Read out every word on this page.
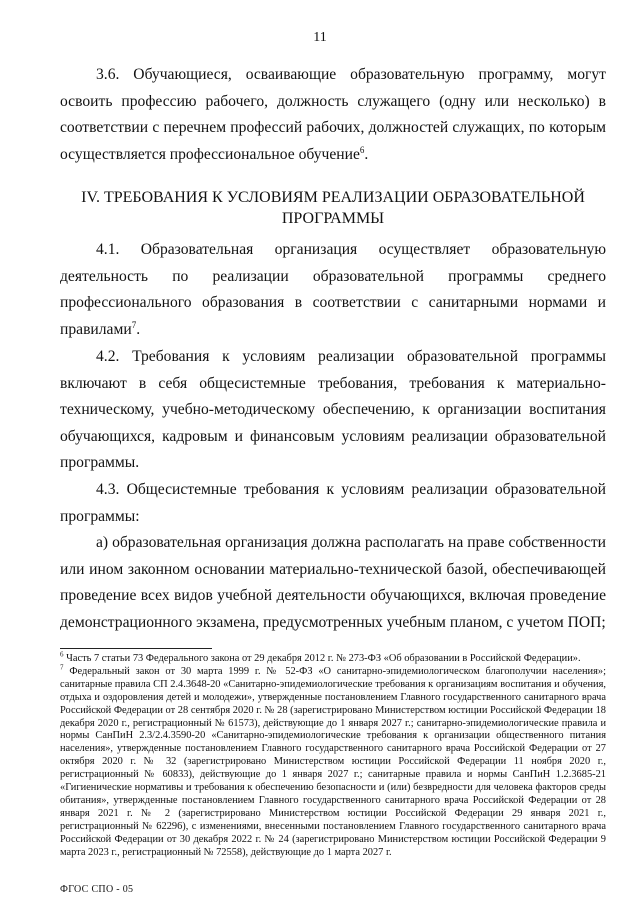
11
3.6. Обучающиеся, осваивающие образовательную программу, могут освоить профессию рабочего, должность служащего (одну или несколько) в соответствии с перечнем профессий рабочих, должностей служащих, по которым осуществляется профессиональное обучение$^6$.
IV. ТРЕБОВАНИЯ К УСЛОВИЯМ РЕАЛИЗАЦИИ ОБРАЗОВАТЕЛЬНОЙ ПРОГРАММЫ
4.1. Образовательная организация осуществляет образовательную деятельность по реализации образовательной программы среднего профессионального образования в соответствии с санитарными нормами и правилами$^7$.
4.2. Требования к условиям реализации образовательной программы включают в себя общесистемные требования, требования к материально-техническому, учебно-методическому обеспечению, к организации воспитания обучающихся, кадровым и финансовым условиям реализации образовательной программы.
4.3. Общесистемные требования к условиям реализации образовательной программы:
а) образовательная организация должна располагать на праве собственности или ином законном основании материально-технической базой, обеспечивающей проведение всех видов учебной деятельности обучающихся, включая проведение демонстрационного экзамена, предусмотренных учебным планом, с учетом ПОП;

$^6$ Часть 7 статьи 73 Федерального закона от 29 декабря 2012 г. № 273-ФЗ «Об образовании в Российской Федерации».

$^7$ Федеральный закон от 30 марта 1999 г. № 52-ФЗ «О санитарно-эпидемиологическом благополучии населения»; санитарные правила СП 2.4.3648-20 «Санитарно-эпидемиологические требования к организациям воспитания и обучения, отдыха и оздоровления детей и молодежи», утвержденные постановлением Главного государственного санитарного врача Российской Федерации от 28 сентября 2020 г. № 28 (зарегистрировано Министерством юстиции Российской Федерации 18 декабря 2020 г., регистрационный № 61573), действующие до 1 января 2027 г.; санитарно-эпидемиологические правила и нормы СанПиН 2.3/2.4.3590-20 «Санитарно-эпидемиологические требования к организации общественного питания населения», утвержденные постановлением Главного государственного санитарного врача Российской Федерации от 27 октября 2020 г. № 32 (зарегистрировано Министерством юстиции Российской Федерации 11 ноября 2020 г., регистрационный № 60833), действующие до 1 января 2027 г.; санитарные правила и нормы СанПиН 1.2.3685-21 «Гигиенические нормативы и требования к обеспечению безопасности и (или) безвредности для человека факторов среды обитания», утвержденные постановлением Главного государственного санитарного врача Российской Федерации от 28 января 2021 г. № 2 (зарегистрировано Министерством юстиции Российской Федерации 29 января 2021 г., регистрационный № 62296), с изменениями, внесенными постановлением Главного государственного санитарного врача Российской Федерации от 30 декабря 2022 г. № 24 (зарегистрировано Министерством юстиции Российской Федерации 9 марта 2023 г., регистрационный № 72558), действующие до 1 марта 2027 г.

ФГОС СПО - 05
